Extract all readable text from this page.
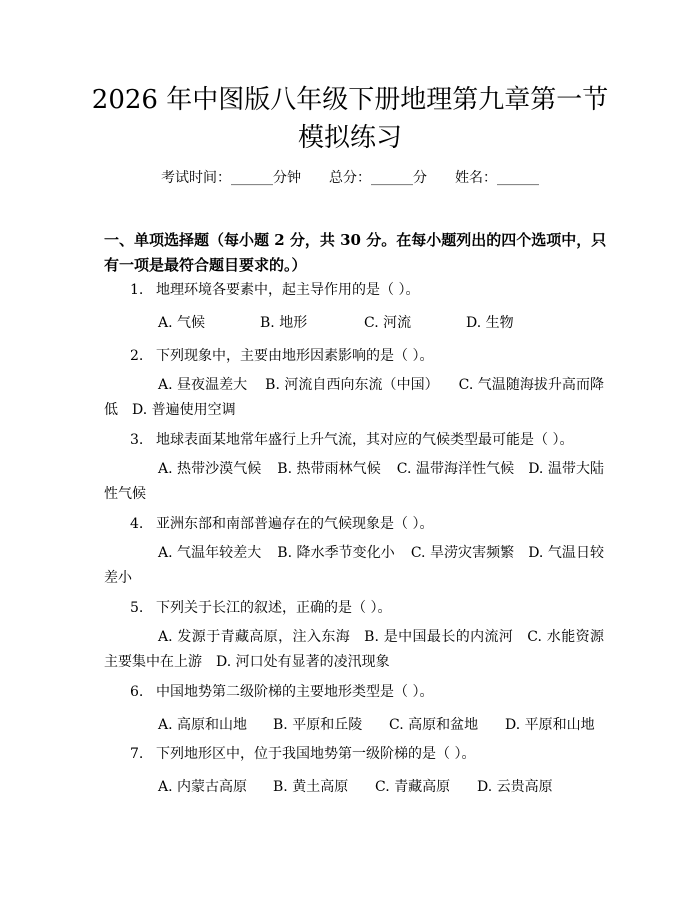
2026 年中图版八年级下册地理第九章第一节
模拟练习
考试时间：______分钟 总分：______分 姓名：______
一、单项选择题（每小题 2 分，共 30 分。在每小题列出的四个选项中，只有一项是最符合题目要求的。）
1. 地理环境各要素中，起主导作用的是（ ）。
A. 气候	B. 地形	C. 河流	D. 生物
2. 下列现象中，主要由地形因素影响的是（ ）。
A. 昼夜温差大 B. 河流自西向东流（中国） C. 气温随海拔升高而降低 D. 普遍使用空调
3. 地球表面某地常年盛行上升气流，其对应的气候类型最可能是（ ）。
A. 热带沙漠气候 B. 热带雨林气候 C. 温带海洋性气候 D. 温带大陆性气候
4. 亚洲东部和南部普遍存在的气候现象是（ ）。
A. 气温年较差大 B. 降水季节变化小 C. 旱涝灾害频繁 D. 气温日较差小
5. 下列关于长江的叙述，正确的是（ ）。
A. 发源于青藏高原，注入东海 B. 是中国最长的内流河 C. 水能资源主要集中在上游 D. 河口处有显著的凌汛现象
6. 中国地势第二级阶梯的主要地形类型是（ ）。
A. 高原和山地	B. 平原和丘陵	C. 高原和盆地	D. 平原和山地
7. 下列地形区中，位于我国地势第一级阶梯的是（ ）。
A. 内蒙古高原	B. 黄土高原	C. 青藏高原	D. 云贵高原
